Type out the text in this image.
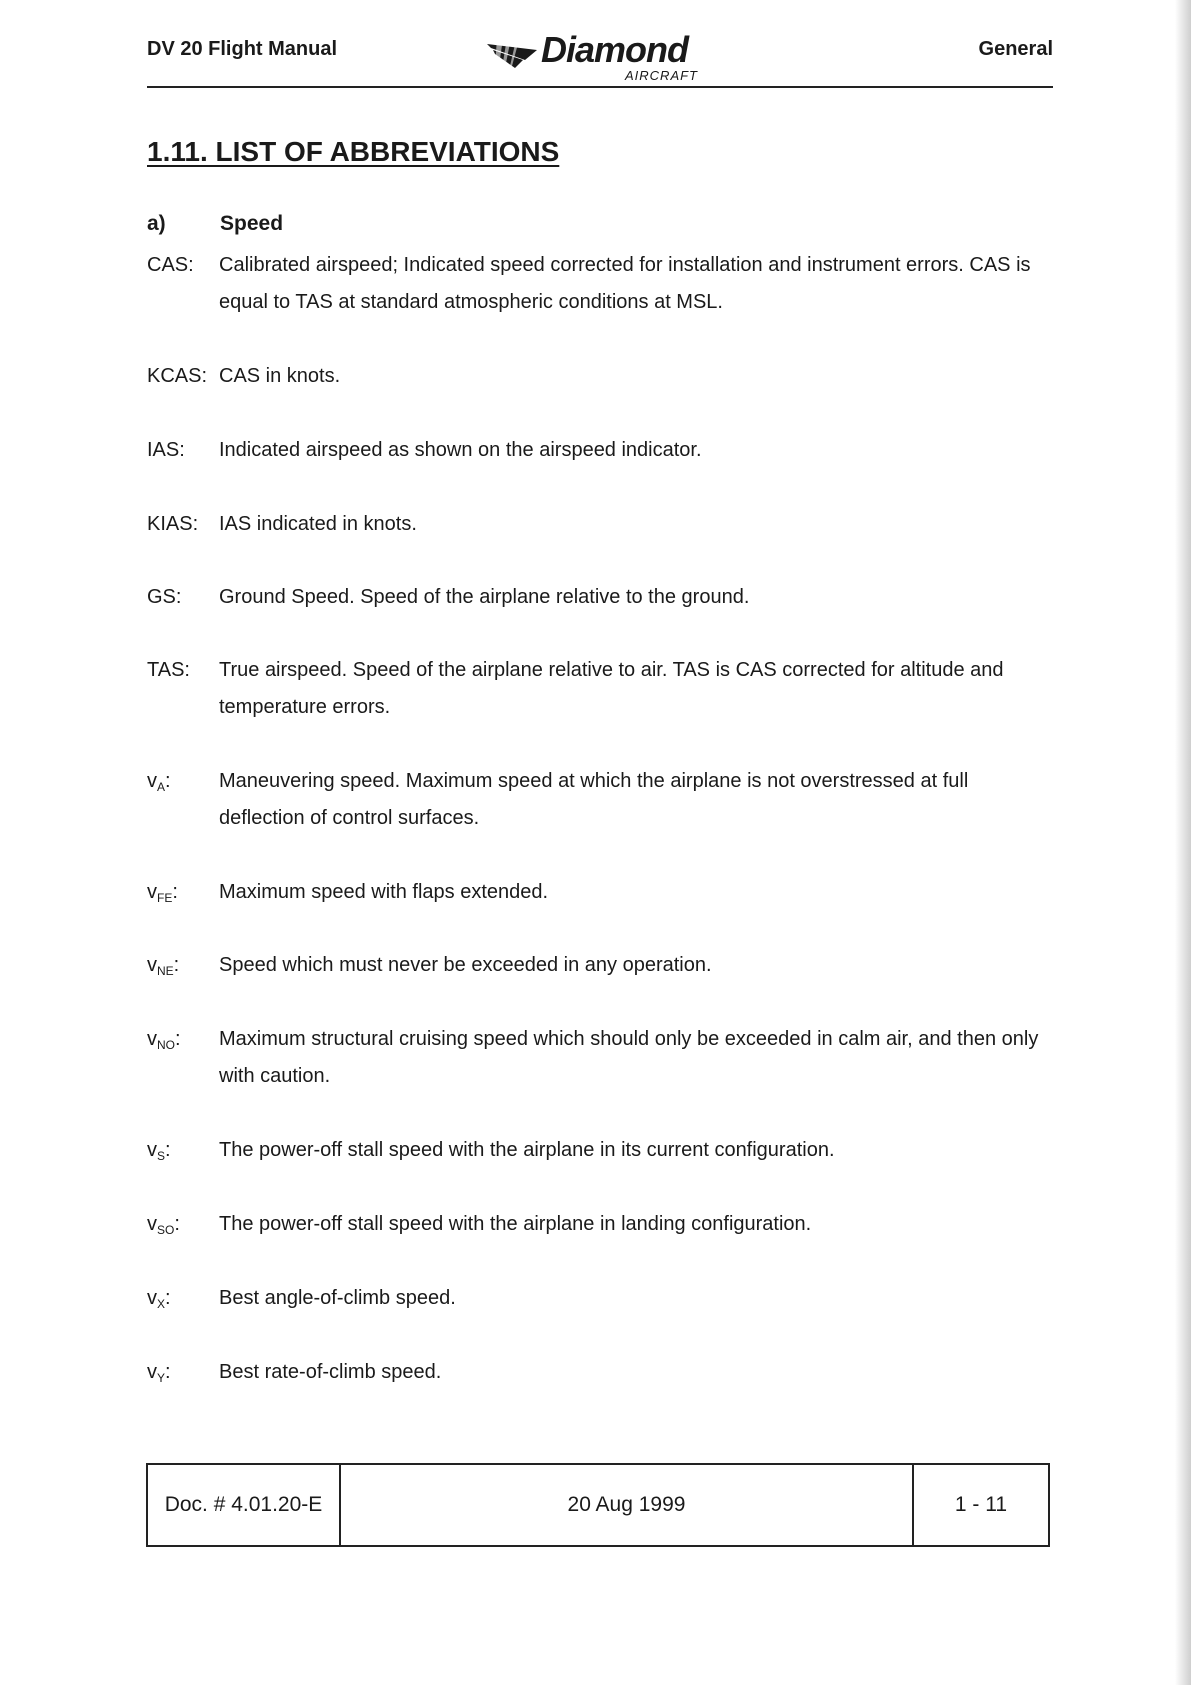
DV 20 Flight Manual	Diamond
AIRCRAFT
General
1.11. LIST OF ABBREVIATIONS
a)	Speed
CAS: Calibrated airspeed; Indicated speed corrected for installation and instrument errors. CAS is equal to TAS at standard atmospheric conditions at MSL.
KCAS: CAS in knots.
IAS: Indicated airspeed as shown on the airspeed indicator.
KIAS: IAS indicated in knots.
GS: Ground Speed. Speed of the airplane relative to the ground.
TAS: True airspeed. Speed of the airplane relative to air. TAS is CAS corrected for altitude and temperature errors.
$v_A$: Maneuvering speed. Maximum speed at which the airplane is not overstressed at full deflection of control surfaces.
$v_{FE}$: Maximum speed with flaps extended.
$v_{NE}$: Speed which must never be exceeded in any operation.
$v_{NO}$: Maximum structural cruising speed which should only be exceeded in calm air, and then only with caution.
$v_S$: The power-off stall speed with the airplane in its current configuration.
$v_{SO}$: The power-off stall speed with the airplane in landing configuration.
$v_X$: Best angle-of-climb speed.
$v_Y$: Best rate-of-climb speed.
Doc. # 4.01.20-E	20 Aug 1999	1 - 11
